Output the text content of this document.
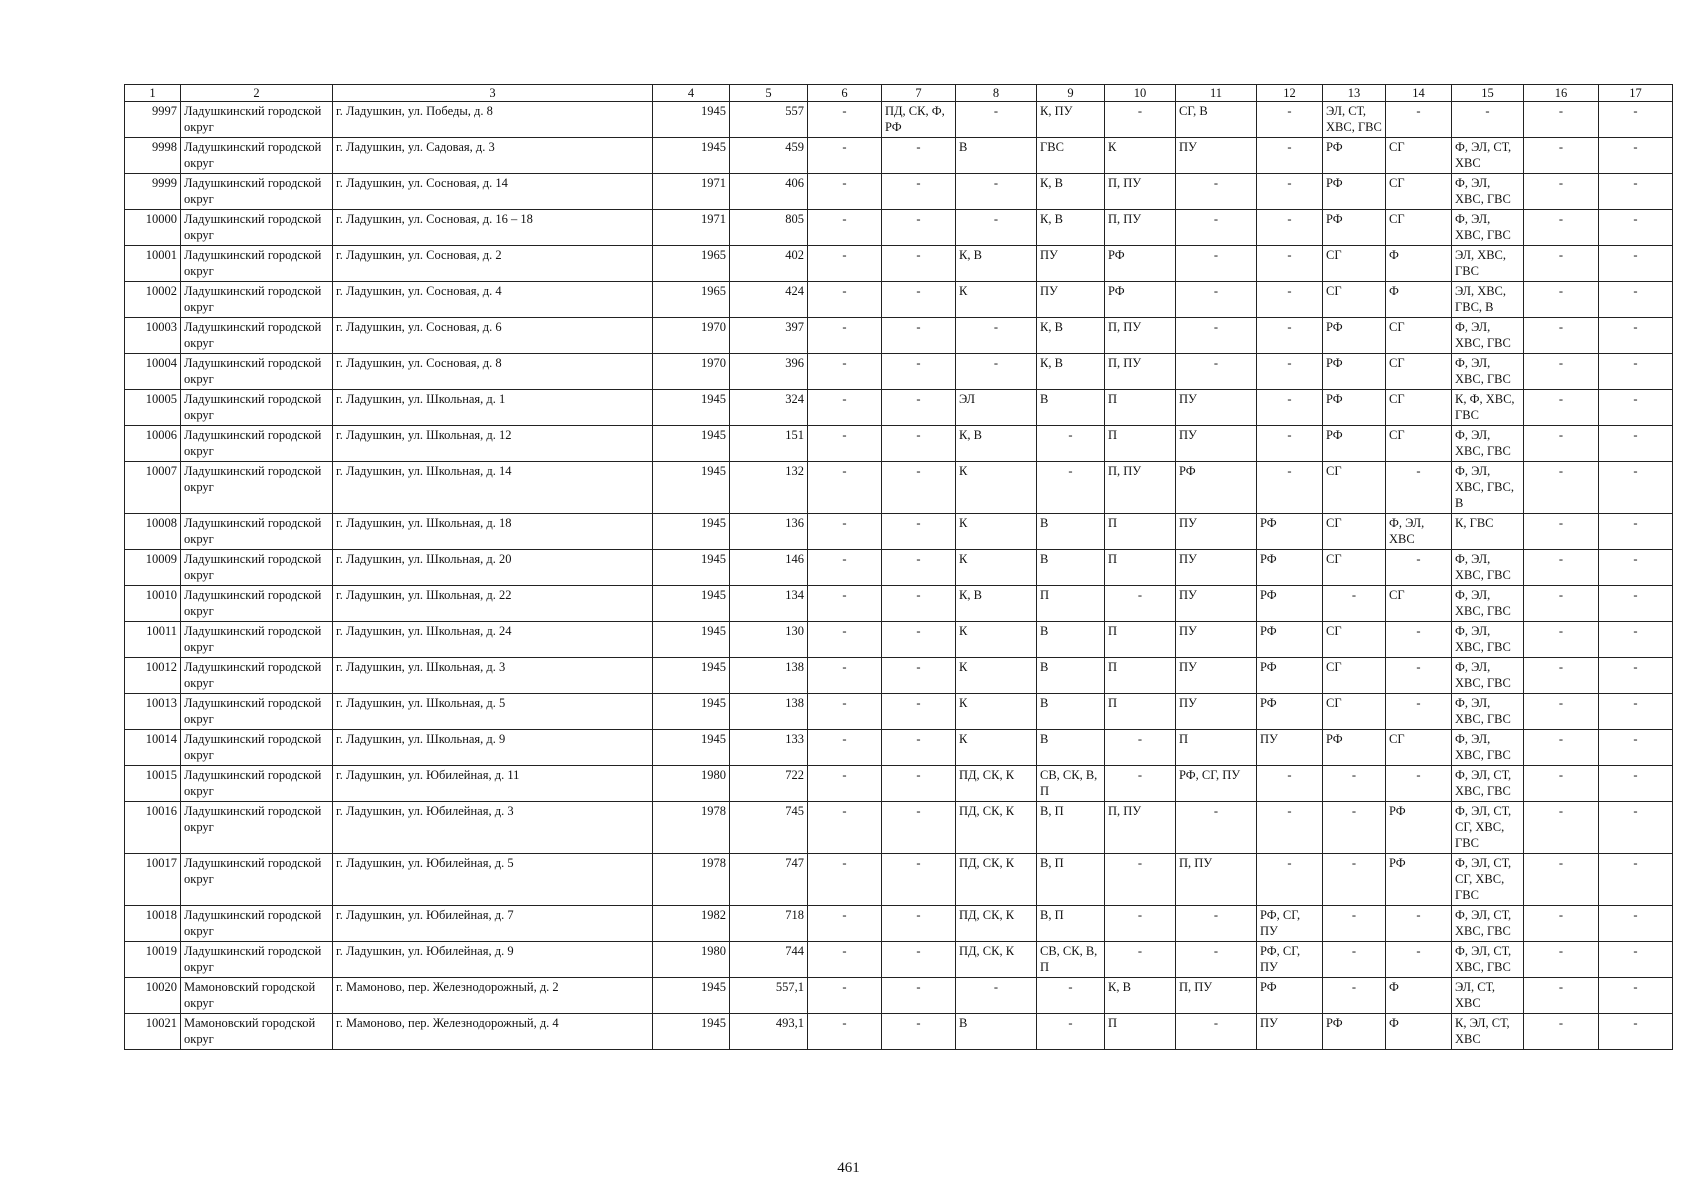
1	2	3	4	5	6	7	8	9	10	11	12	13	14	15	16	17
9997	Ладушкинский городской округ	г. Ладушкин, ул. Победы, д. 8	1945	557	-	ПД, СК, Ф, РФ	-	К, ПУ	-	СГ, В	-	ЭЛ, СТ, ХВС, ГВС	-	-	-	-
9998	Ладушкинский городской округ	г. Ладушкин, ул. Садовая, д. 3	1945	459	-	-	В	ГВС	К	ПУ	-	РФ	СГ	Ф, ЭЛ, СТ, ХВС	-	-
9999	Ладушкинский городской округ	г. Ладушкин, ул. Сосновая, д. 14	1971	406	-	-	-	К, В	П, ПУ	-	-	РФ	СГ	Ф, ЭЛ, ХВС, ГВС	-	-
10000	Ладушкинский городской округ	г. Ладушкин, ул. Сосновая, д. 16 – 18	1971	805	-	-	-	К, В	П, ПУ	-	-	РФ	СГ	Ф, ЭЛ, ХВС, ГВС	-	-
10001	Ладушкинский городской округ	г. Ладушкин, ул. Сосновая, д. 2	1965	402	-	-	К, В	ПУ	РФ	-	-	СГ	Ф	ЭЛ, ХВС, ГВС	-	-
10002	Ладушкинский городской округ	г. Ладушкин, ул. Сосновая, д. 4	1965	424	-	-	К	ПУ	РФ	-	-	СГ	Ф	ЭЛ, ХВС, ГВС, В	-	-
10003	Ладушкинский городской округ	г. Ладушкин, ул. Сосновая, д. 6	1970	397	-	-	-	К, В	П, ПУ	-	-	РФ	СГ	Ф, ЭЛ, ХВС, ГВС	-	-
10004	Ладушкинский городской округ	г. Ладушкин, ул. Сосновая, д. 8	1970	396	-	-	-	К, В	П, ПУ	-	-	РФ	СГ	Ф, ЭЛ, ХВС, ГВС	-	-
10005	Ладушкинский городской округ	г. Ладушкин, ул. Школьная, д. 1	1945	324	-	-	ЭЛ	В	П	ПУ	-	РФ	СГ	К, Ф, ХВС, ГВС	-	-
10006	Ладушкинский городской округ	г. Ладушкин, ул. Школьная, д. 12	1945	151	-	-	К, В	-	П	ПУ	-	РФ	СГ	Ф, ЭЛ, ХВС, ГВС	-	-
10007	Ладушкинский городской округ	г. Ладушкин, ул. Школьная, д. 14	1945	132	-	-	К	-	П, ПУ	РФ	-	СГ	-	Ф, ЭЛ, ХВС, ГВС, В	-	-
10008	Ладушкинский городской округ	г. Ладушкин, ул. Школьная, д. 18	1945	136	-	-	К	В	П	ПУ	РФ	СГ	Ф, ЭЛ, ХВС	К, ГВС	-	-
10009	Ладушкинский городской округ	г. Ладушкин, ул. Школьная, д. 20	1945	146	-	-	К	В	П	ПУ	РФ	СГ	-	Ф, ЭЛ, ХВС, ГВС	-	-
10010	Ладушкинский городской округ	г. Ладушкин, ул. Школьная, д. 22	1945	134	-	-	К, В	П	-	ПУ	РФ	-	СГ	Ф, ЭЛ, ХВС, ГВС	-	-
10011	Ладушкинский городской округ	г. Ладушкин, ул. Школьная, д. 24	1945	130	-	-	К	В	П	ПУ	РФ	СГ	-	Ф, ЭЛ, ХВС, ГВС	-	-
10012	Ладушкинский городской округ	г. Ладушкин, ул. Школьная, д. 3	1945	138	-	-	К	В	П	ПУ	РФ	СГ	-	Ф, ЭЛ, ХВС, ГВС	-	-
10013	Ладушкинский городской округ	г. Ладушкин, ул. Школьная, д. 5	1945	138	-	-	К	В	П	ПУ	РФ	СГ	-	Ф, ЭЛ, ХВС, ГВС	-	-
10014	Ладушкинский городской округ	г. Ладушкин, ул. Школьная, д. 9	1945	133	-	-	К	В	-	П	ПУ	РФ	СГ	Ф, ЭЛ, ХВС, ГВС	-	-
10015	Ладушкинский городской округ	г. Ладушкин, ул. Юбилейная, д. 11	1980	722	-	-	ПД, СК, К	СВ, СК, В, П	-	РФ, СГ, ПУ	-	-	-	Ф, ЭЛ, СТ, ХВС, ГВС	-	-
10016	Ладушкинский городской округ	г. Ладушкин, ул. Юбилейная, д. 3	1978	745	-	-	ПД, СК, К	В, П	П, ПУ	-	-	-	РФ	Ф, ЭЛ, СТ, СГ, ХВС, ГВС	-	-
10017	Ладушкинский городской округ	г. Ладушкин, ул. Юбилейная, д. 5	1978	747	-	-	ПД, СК, К	В, П	-	П, ПУ	-	-	РФ	Ф, ЭЛ, СТ, СГ, ХВС, ГВС	-	-
10018	Ладушкинский городской округ	г. Ладушкин, ул. Юбилейная, д. 7	1982	718	-	-	ПД, СК, К	В, П	-	-	РФ, СГ, ПУ	-	-	Ф, ЭЛ, СТ, ХВС, ГВС	-	-
10019	Ладушкинский городской округ	г. Ладушкин, ул. Юбилейная, д. 9	1980	744	-	-	ПД, СК, К	СВ, СК, В, П	-	-	РФ, СГ, ПУ	-	-	Ф, ЭЛ, СТ, ХВС, ГВС	-	-
10020	Мамоновский городской округ	г. Мамоново, пер. Железнодорожный, д. 2	1945	557,1	-	-	-	-	К, В	П, ПУ	РФ	-	Ф	ЭЛ, СТ, ХВС	-	-
10021	Мамоновский городской округ	г. Мамоново, пер. Железнодорожный, д. 4	1945	493,1	-	-	В	-	П	-	ПУ	РФ	Ф	К, ЭЛ, СТ, ХВС	-	-
461
